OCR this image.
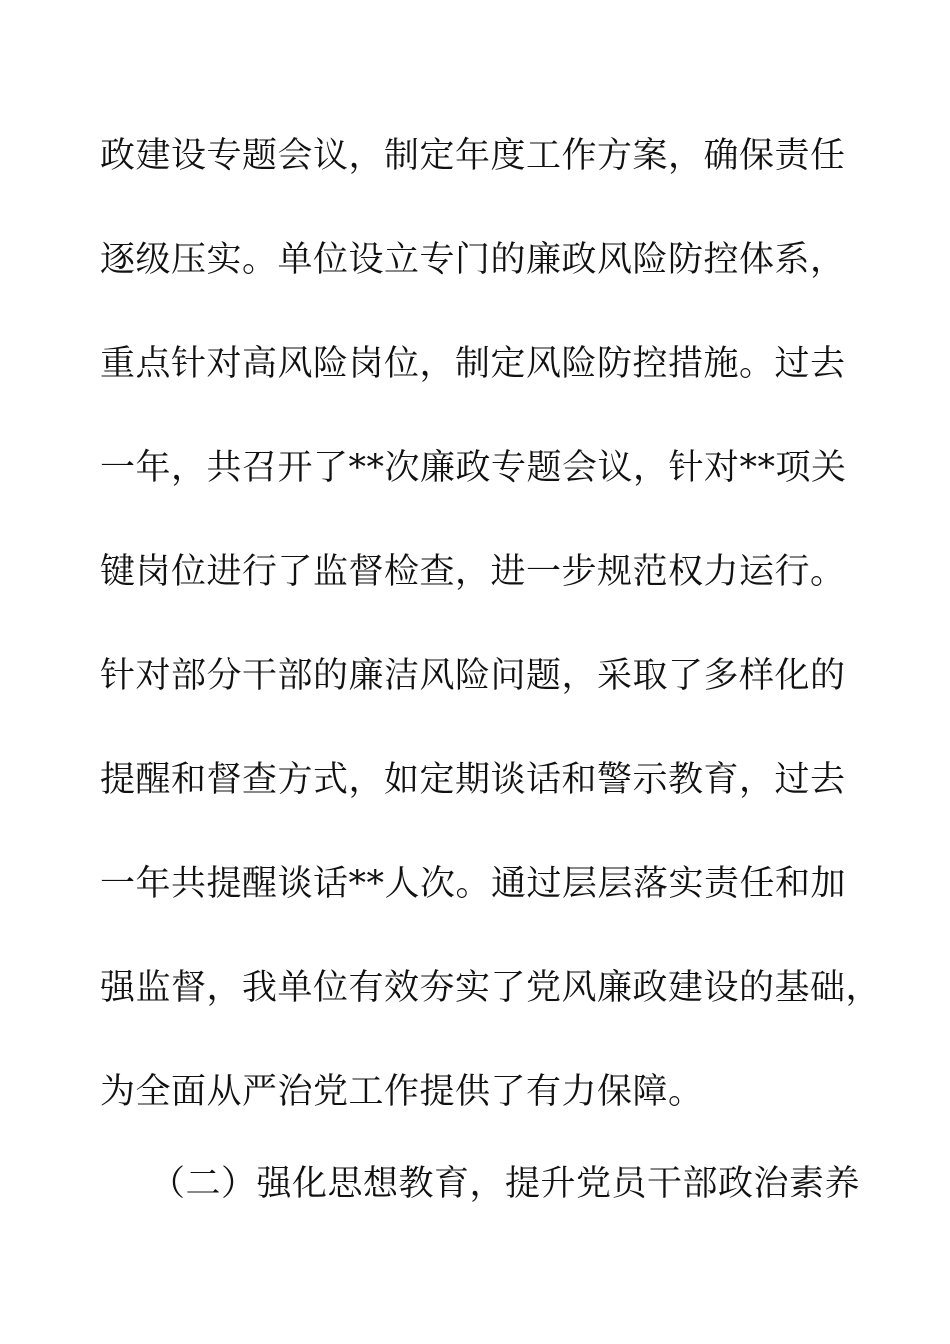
政建设专题会议，制定年度工作方案，确保责任
逐级压实。单位设立专门的廉政风险防控体系，
重点针对高风险岗位，制定风险防控措施。过去
一年，共召开了**次廉政专题会议，针对**项关
键岗位进行了监督检查，进一步规范权力运行。
针对部分干部的廉洁风险问题，采取了多样化的
提醒和督查方式，如定期谈话和警示教育，过去
一年共提醒谈话**人次。通过层层落实责任和加
强监督，我单位有效夯实了党风廉政建设的基础，
为全面从严治党工作提供了有力保障。
（二）强化思想教育，提升党员干部政治素养
